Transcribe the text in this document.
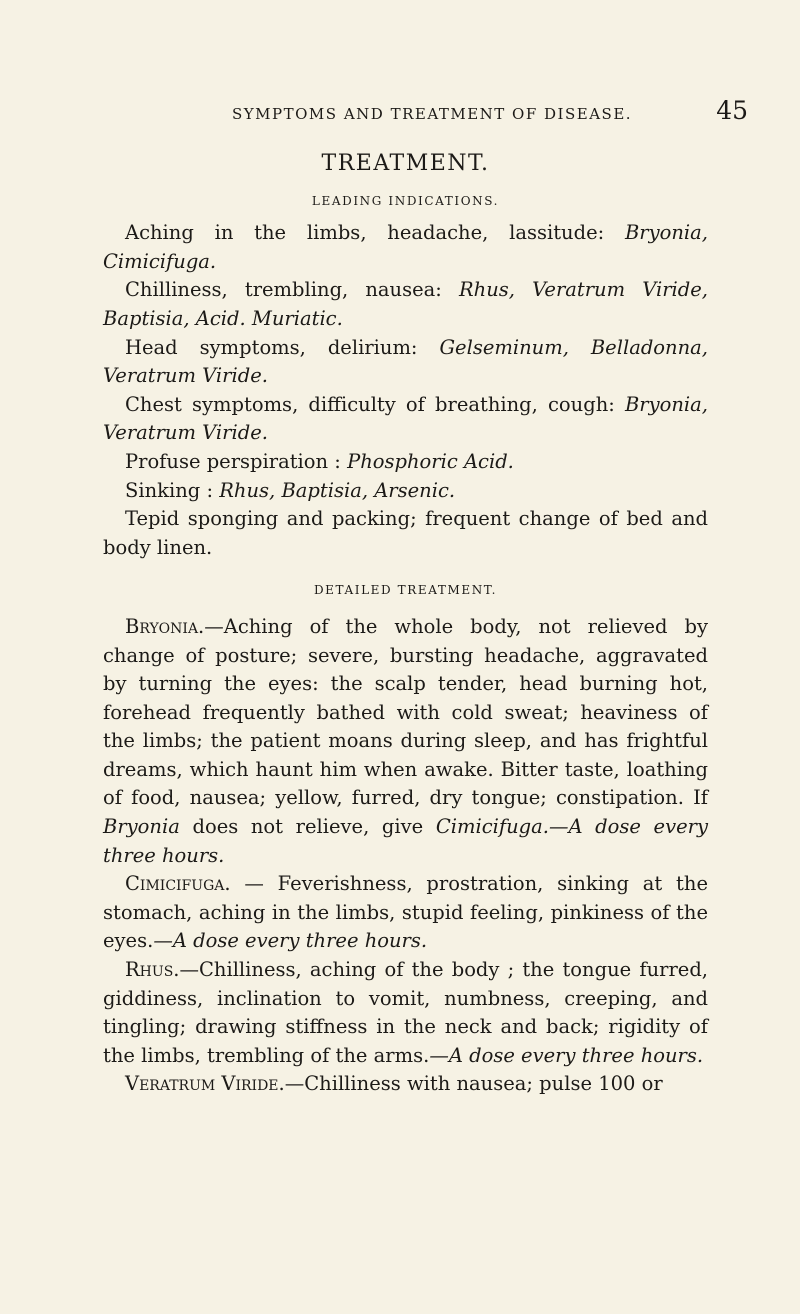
SYMPTOMS AND TREATMENT OF DISEASE.	45
TREATMENT.
LEADING INDICATIONS.

Aching in the limbs, headache, lassitude: Bryonia, Cimicifuga.

Chilliness, trembling, nausea: Rhus, Veratrum Viride, Baptisia, Acid. Muriatic.

Head symptoms, delirium: Gelseminum, Belladonna, Veratrum Viride.

Chest symptoms, difficulty of breathing, cough: Bryonia, Veratrum Viride.

Profuse perspiration : Phosphoric Acid.

Sinking : Rhus, Baptisia, Arsenic.

Tepid sponging and packing; frequent change of bed and body linen.

DETAILED TREATMENT.

Bryonia.—Aching of the whole body, not relieved by change of posture; severe, bursting headache, aggravated by turning the eyes: the scalp tender, head burning hot, forehead frequently bathed with cold sweat; heaviness of the limbs; the patient moans during sleep, and has frightful dreams, which haunt him when awake. Bitter taste, loathing of food, nausea; yellow, furred, dry tongue; constipation. If Bryonia does not relieve, give Cimicifuga.—A dose every three hours.

Cimicifuga. — Feverishness, prostration, sinking at the stomach, aching in the limbs, stupid feeling, pinkiness of the eyes.—A dose every three hours.

Rhus.—Chilliness, aching of the body ; the tongue furred, giddiness, inclination to vomit, numbness, creeping, and tingling; drawing stiffness in the neck and back; rigidity of the limbs, trembling of the arms.—A dose every three hours.

Veratrum Viride.—Chilliness with nausea; pulse 100 or
